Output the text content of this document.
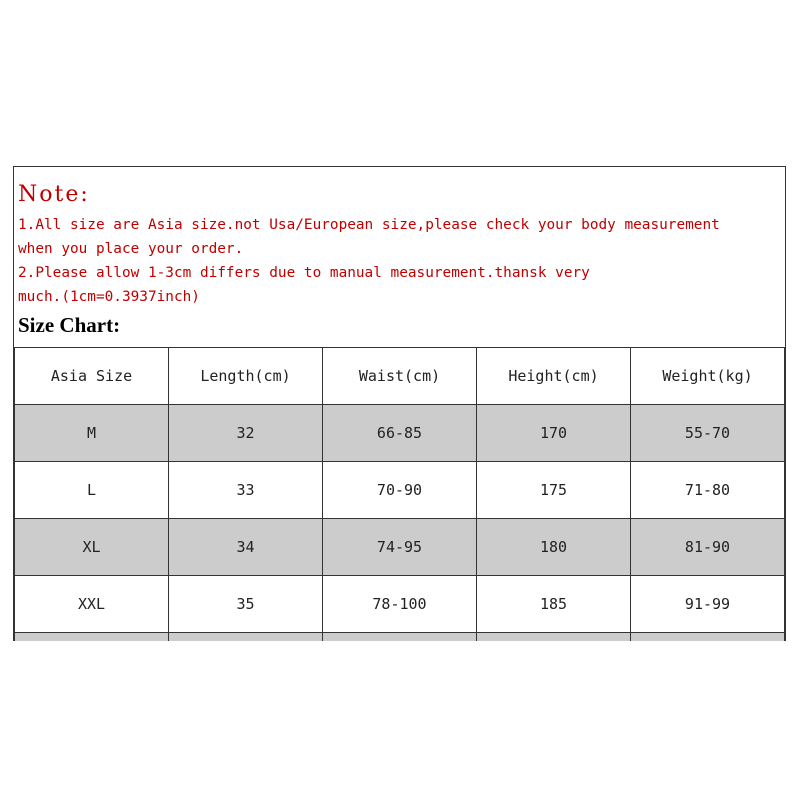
Note:
1.All size are Asia size.not Usa/European size,please check your body measurement
when you place your order.
2.Please allow 1-3cm differs due to manual measurement.thansk very
much.(1cm=0.3937inch)
Size Chart:
Asia Size	Length(cm)	Waist(cm)	Height(cm)	Weight(kg)
M	32	66-85	170	55-70
L	33	70-90	175	71-80
XL	34	74-95	180	81-90
XXL	35	78-100	185	91-99
